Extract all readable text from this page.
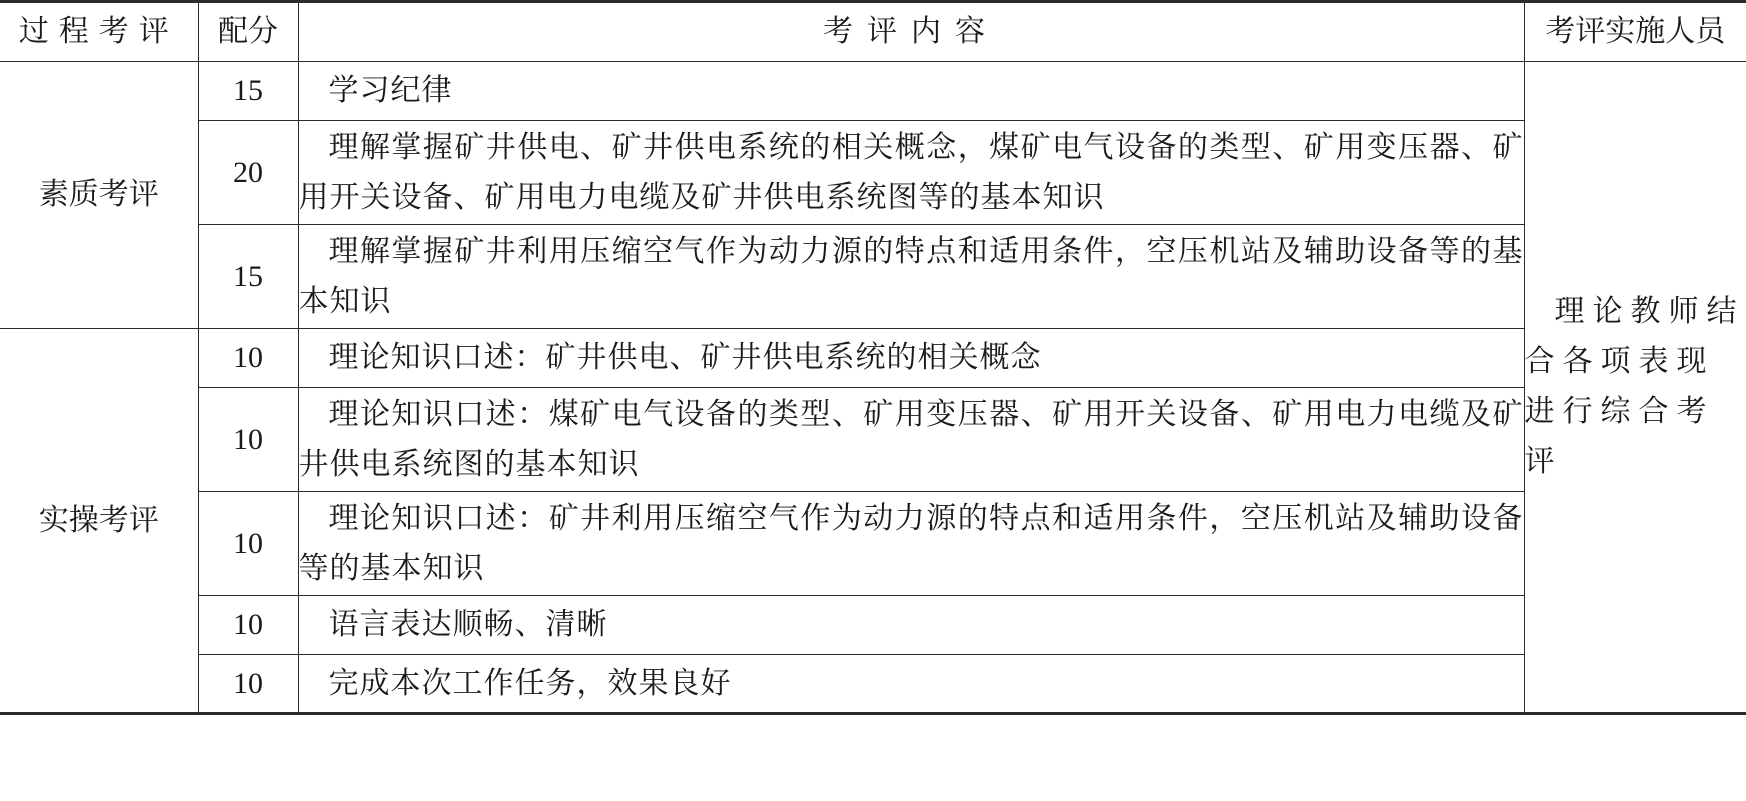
过程考评	配分	考评内容	考评实施人员
素质考评	15	学习纪律	理论教师结合各项表现进行综合考评
	20	理解掌握矿井供电、矿井供电系统的相关概念，煤矿电气设备的类型、矿用变压器、矿用开关设备、矿用电力电缆及矿井供电系统图等的基本知识	
	15	理解掌握矿井利用压缩空气作为动力源的特点和适用条件，空压机站及辅助设备等的基本知识	
实操考评	10	理论知识口述：矿井供电、矿井供电系统的相关概念	
	10	理论知识口述：煤矿电气设备的类型、矿用变压器、矿用开关设备、矿用电力电缆及矿井供电系统图的基本知识	
	10	理论知识口述：矿井利用压缩空气作为动力源的特点和适用条件，空压机站及辅助设备等的基本知识	
	10	语言表达顺畅、清晰	
	10	完成本次工作任务，效果良好	
